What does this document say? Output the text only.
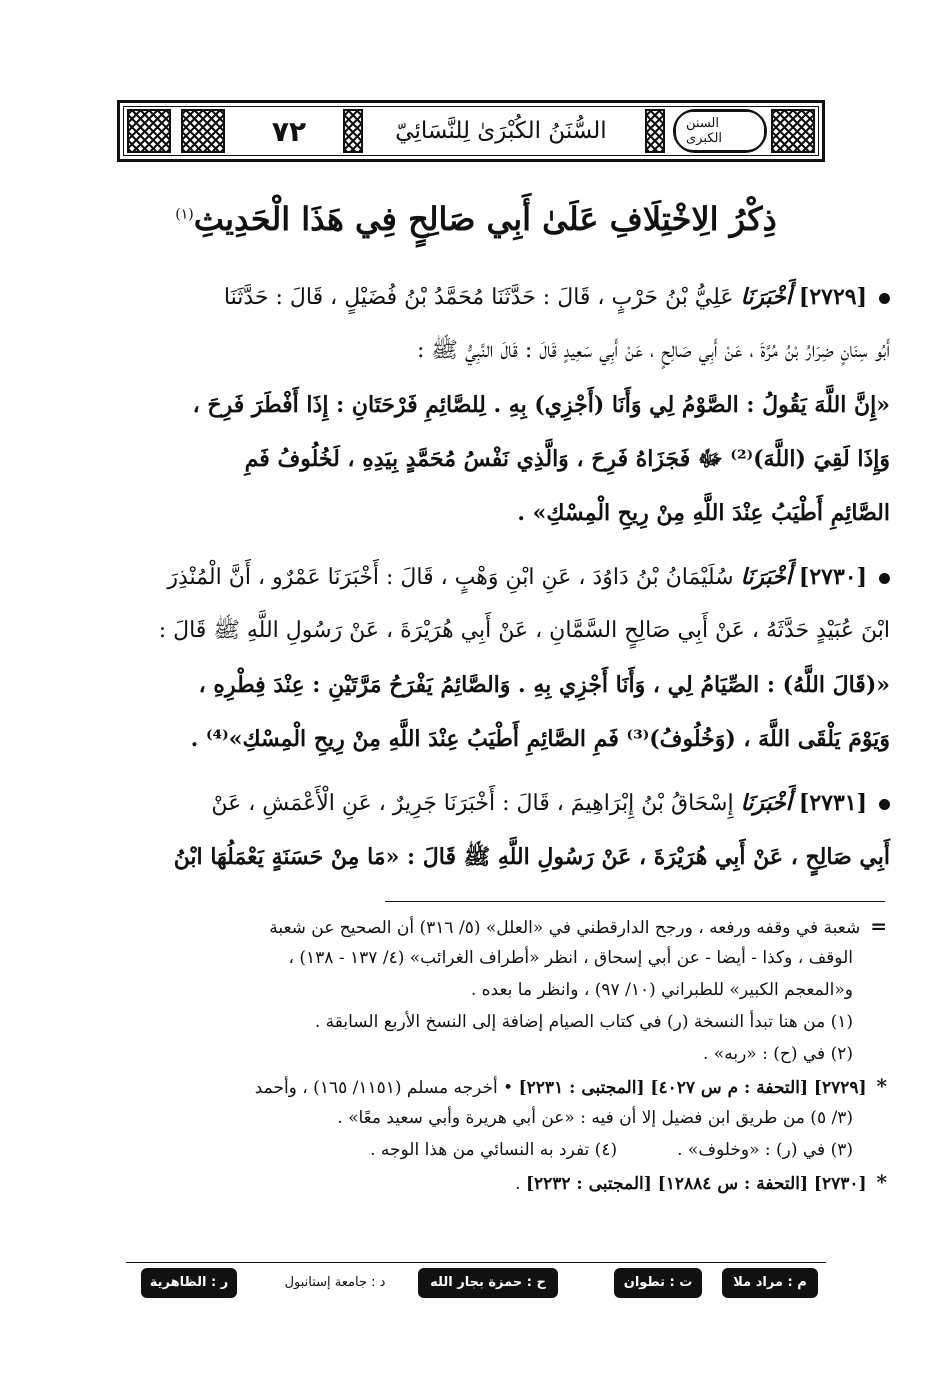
٧٢	السُّنَنُ الكُبْرَىٰ لِلنَّسَائِيّ	السنن الكبرى
ذِكْرُ الِاخْتِلَافِ عَلَىٰ أَبِي صَالِحٍ فِي هَذَا الْحَدِيثِ$^{(١)}$
[٢٧٢٩] أَخْبَرَنَا عَلِيُّ بْنُ حَرْبٍ ، قَالَ : حَدَّثَنَا مُحَمَّدُ بْنُ فُضَيْلٍ ، قَالَ : حَدَّثَنَا
أَبُو سِنَانٍ ضِرَارُ بْنُ مُرَّةَ ، عَنْ أَبِي صَالِحٍ ، عَنْ أَبِي سَعِيدٍ قَالَ : قَالَ النَّبِيُّ ﷺ :
«إِنَّ اللَّهَ يَقُولُ : الصَّوْمُ لِي وَأَنَا (أَجْزِي) بِهِ . لِلصَّائِمِ فَرْحَتَانِ : إِذَا أَفْطَرَ فَرِحَ ،
وَإِذَا لَقِيَ (اللَّهَ)⁽²⁾ ﷻ فَجَزَاهُ فَرِحَ ، وَالَّذِي نَفْسُ مُحَمَّدٍ بِيَدِهِ ، لَخُلُوفُ فَمِ
الصَّائِمِ أَطْيَبُ عِنْدَ اللَّهِ مِنْ رِيحِ الْمِسْكِ» .
[٢٧٣٠] أَخْبَرَنَا سُلَيْمَانُ بْنُ دَاوُدَ ، عَنِ ابْنِ وَهْبٍ ، قَالَ : أَخْبَرَنَا عَمْرٌو ، أَنَّ الْمُنْذِرَ
ابْنَ عُبَيْدٍ حَدَّثَهُ ، عَنْ أَبِي صَالِحٍ السَّمَّانِ ، عَنْ أَبِي هُرَيْرَةَ ، عَنْ رَسُولِ اللَّهِ ﷺ قَالَ :
«(قَالَ اللَّهُ) : الصِّيَامُ لِي ، وَأَنَا أَجْزِي بِهِ . وَالصَّائِمُ يَفْرَحُ مَرَّتَيْنِ : عِنْدَ فِطْرِهِ ،
وَيَوْمَ يَلْقَى اللَّهَ ، (وَخُلُوفُ)⁽³⁾ فَمِ الصَّائِمِ أَطْيَبُ عِنْدَ اللَّهِ مِنْ رِيحِ الْمِسْكِ»⁽⁴⁾ .
[٢٧٣١] أَخْبَرَنَا إِسْحَاقُ بْنُ إِبْرَاهِيمَ ، قَالَ : أَخْبَرَنَا جَرِيرٌ ، عَنِ الْأَعْمَشِ ، عَنْ
أَبِي صَالِحٍ ، عَنْ أَبِي هُرَيْرَةَ ، عَنْ رَسُولِ اللَّهِ ﷺ قَالَ : «مَا مِنْ حَسَنَةٍ يَعْمَلُهَا ابْنُ
=شعبة في وقفه ورفعه ، ورجح الدارقطني في «العلل» (٥/ ٣١٦) أن الصحيح عن شعبة
الوقف ، وكذا - أيضا - عن أبي إسحاق ، انظر «أطراف الغرائب» (٤/ ١٣٧ - ١٣٨) ،
و«المعجم الكبير» للطبراني (١٠/ ٩٧) ، وانظر ما بعده .
(١) من هنا تبدأ النسخة (ر) في كتاب الصيام إضافة إلى النسخ الأربع السابقة .
(٢) في (ح) : «ربه» .
*[٢٧٢٩] [التحفة : م س ٤٠٢٧] [المجتبى : ٢٢٣١] • أخرجه مسلم (١١٥١/ ١٦٥) ، وأحمد
(٣/ ٥) من طريق ابن فضيل إلا أن فيه : «عن أبي هريرة وأبي سعيد معًا» .
(٣) في (ر) : «وخلوف» .(٤) تفرد به النسائي من هذا الوجه .
*[٢٧٣٠] [التحفة : س ١٢٨٨٤] [المجتبى : ٢٢٣٢] .
م : مراد ملا
ت : تطوان
ح : حمزة بجار الله
د : جامعة إستانبول
ر : الظاهرية
